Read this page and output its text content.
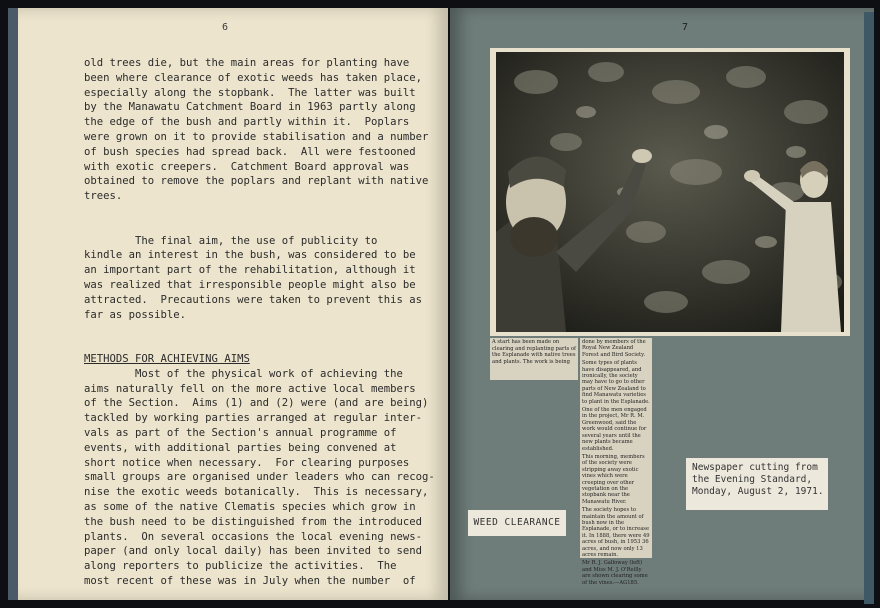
6
old trees die, but the main areas for planting have
been where clearance of exotic weeds has taken place,
especially along the stopbank.  The latter was built
by the Manawatu Catchment Board in 1963 partly along
the edge of the bush and partly within it.  Poplars
were grown on it to provide stabilisation and a number
of bush species had spread back.  All were festooned
with exotic creepers.  Catchment Board approval was
obtained to remove the poplars and replant with native
trees.
The final aim, the use of publicity to
kindle an interest in the bush, was considered to be
an important part of the rehabilitation, although it
was realized that irresponsible people might also be
attracted.  Precautions were taken to prevent this as
far as possible.
METHODS FOR ACHIEVING AIMS
Most of the physical work of achieving the
aims naturally fell on the more active local members
of the Section.  Aims (1) and (2) were (and are being)
tackled by working parties arranged at regular inter-
vals as part of the Section's annual programme of
events, with additional parties being convened at
short notice when necessary.  For clearing purposes
small groups are organised under leaders who can recog-
nise the exotic weeds botanically.  This is necessary,
as some of the native Clematis species which grow in
the bush need to be distinguished from the introduced
plants.  On several occasions the local evening news-
paper (and only local daily) has been invited to send
along reporters to publicize the activities.  The
most recent of these was in July when the number  of
7

A start has been made on clearing and replanting parts of the Esplanade with native trees and plants. The work is being

done by members of the Royal New Zealand Forest and Bird Society.

Some types of plants have disappeared, and ironically, the society may have to go to other parts of New Zealand to find Manawatu varieties to plant in the Esplanade.

One of the men engaged in the project, Mr R. M. Greenwood, said the work would continue for several years until the new plants became established.

This morning, members of the society were stripping away exotic vines which were creeping over other vegetation on the stopbank near the Manawatu River.

The society hopes to maintain the amount of bush now in the Esplanade, or to increase it. In 1888, there were 49 acres of bush, in 1953 36 acres, and now only 13 acres remain.

Mr R. J. Galloway (left) and Miss M. J. O'Reilly are shown clearing some of the vines.—AG185.

WEED CLEARANCE
Newspaper cutting from
the Evening Standard,
Monday, August 2, 1971.
